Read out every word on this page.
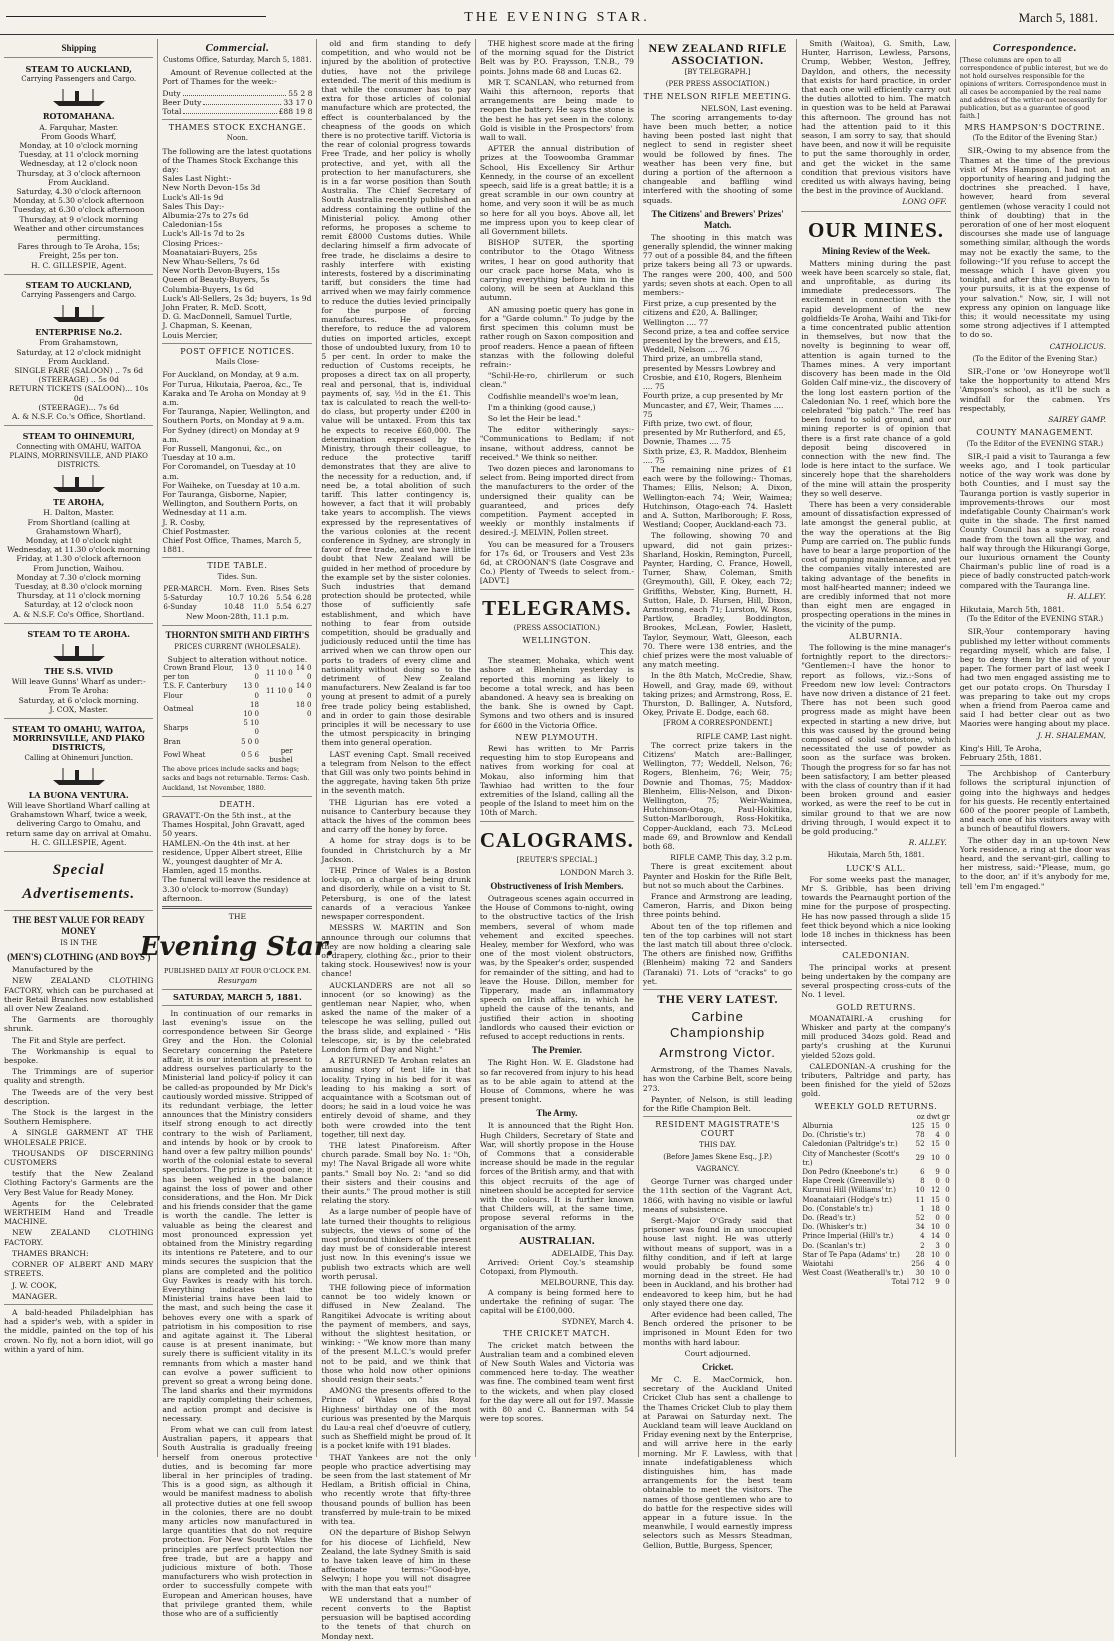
THE EVENING STAR.	March 5, 1881.
Shipping
STEAM TO AUCKLAND,
Carrying Passengers and Cargo.
ROTOMAHANA.
A. Farquhar, Master.
From Goods Wharf,
Monday, at 10 o'clock morning
Tuesday, at 11 o'clock morning
Wednesday, at 12 o'clock noon
Thursday, at 3 o'clock afternoon
From Auckland.
Saturday, 4.30 o'clock afternoon
Monday, at 5.30 o'clock afternoon
Tuesday, at 6.30 o'clock afternoon
Thursday, at 9 o'clock morning
Weather and other circumstances permitting.
Fares through to Te Aroha, 15s; Freight, 25s per ton.
H. C. GILLESPIE, Agent.
STEAM TO AUCKLAND,
Carrying Passengers and Cargo.
ENTERPRISE No.2.
From Grahamstown,
Saturday, at 12 o'clock midnight
From Auckland.
SINGLE FARE (SALOON) .. 7s 6d
(STEERAGE) .. 5s 0d
RETURN TICKETS (SALOON)... 10s 0d
(STEERAGE)... 7s 6d
A. & N.S.F. Co.'s Office, Shortland.
STEAM TO OHINEMURI,
Connecting with OMAHU, WAITOA PLAINS, MORRINSVILLE, AND PIAKO DISTRICTS.
TE AROHA,
H. Dalton, Master.
From Shortland (calling at Grahamstown Wharf),
Monday, at 10 o'clock night
Wednesday, at 11.30 o'clock morning
Friday, at 1.30 o'clock afternoon
From Junction, Waihou.
Monday at 7.30 o'clock morning
Tuesday, at 8.30 o'clock morning
Thursday, at 11 o'clock morning
Saturday, at 12 o'clock noon
A. & N.S.F. Co's Office, Shortland.
STEAM TO TE AROHA.
THE S.S. VIVID
Will leave Gunns' Wharf as under:-
From Te Aroha:
Saturday, at 6 o'clock morning.
J. COX, Master.
STEAM TO OMAHU, WAITOA, MORRINSVILLE, AND PIAKO DISTRICTS,
Calling at Ohinemuri Junction.
LA BUONA VENTURA.
Will leave Shortland Wharf calling at Grahamstown Wharf, twice a week, delivering Cargo to Omahu, and return same day on arrival at Omahu.
H. C. GILLESPIE, Agent.
Special Advertisements.
THE BEST VALUE FOR READY MONEY
IS IN THE
(MEN'S) CLOTHING (AND BOYS')

Manufactured by the

NEW ZEALAND CLOTHING FACTORY, which can be purchased at their Retail Branches now established all over New Zealand.

The Garments are thoroughly shrunk.

The Fit and Style are perfect.

The Workmanship is equal to bespoke.

The Trimmings are of superior quality and strength.

The Tweeds are of the very best description.

The Stock is the largest in the Southern Hemisphere.

A SINGLE GARMENT AT THE WHOLESALE PRICE.

THOUSANDS OF DISCERNING CUSTOMERS

testify that the New Zealand Clothing Factory's Garments are the Very Best Value for Ready Money.

Agents for the Celebrated WERTHEIM Hand and Treadle MACHINE.

NEW ZEALAND CLOTHING FACTORY.

THAMES BRANCH:

CORNER OF ALBERT AND MARY STREETS.

J. W. COOK,

MANAGER.

A bald-headed Philadelphian has had a spider's web, with a spider in the middle, painted on the top of his crown. No fly, not a born idiot, will go within a yard of him.

Commercial.
Customs Office, Saturday, March 5, 1881.

Amount of Revenue collected at the Port of Thames for the week:-

Duty	55 2 8
Beer Duty	33 17 0
Total	£88 19 8
THAMES STOCK EXCHANGE.
Noon.
The following are the latest quotations of the Thames Stock Exchange this day:
Sales Last Night:-
New North Devon-15s 3d
Luck's All-1s 9d
Sales This Day:-
Albumia-27s to 27s 6d
Caledonian-15s
Luck's All-1s 7d to 2s
Closing Prices:-
Moanataiari-Buyers, 25s
New Whau-Sellers, 7s 6d
New North Devon-Buyers, 15s
Queen of Beauty-Buyers, 5s
Columbia-Buyers, 1s 6d
Luck's All-Sellers, 2s 3d; buyers, 1s 9d
John Frater, R. McD. Scott,
D. G. MacDonnell, Samuel Turtle,
J. Chapman, S. Keenan,
Louis Mercier,
POST OFFICE NOTICES.
Mails Close-
For Auckland, on Monday, at 9 a.m.
For Turua, Hikutaia, Paeroa, &c., Te Karaka and Te Aroha on Monday at 9 a.m.
For Tauranga, Napier, Wellington, and Southern Ports, on Monday at 9 a.m.
For Sydney (direct) on Monday at 9 a.m.
For Russell, Mangonui, &c., on Tuesday at 10 a.m.
For Coromandel, on Tuesday at 10 a.m.
For Waiheke, on Tuesday at 10 a.m.
For Tauranga, Gisborne, Napier, Wellington, and Southern Ports, on Wednesday at 11 a.m.
J. R. Cosby,
Chief Postmaster.
Chief Post Office, Thames, March 5, 1881.
TIDE TABLE.
Tides. Sun.
PER-MARCH.	Morn.	Even.	Rises	Sets
5-Saturday	10.7	10.26	5.54	6.28
6-Sunday	10.48	11.0	5.54	6.27
New Moon-28th, 11.1 p.m.
THORNTON SMITH AND FIRTH'S
PRICES CURRENT (WHOLESALE).
Subject to alteration without notice.
Crown Brand Flour, per ton	13 0 0	11 10 0	14 0 0
T.S. F. Canterbury Flour	13 0 0	11 10 0	14 0 0
Oatmeal	18 10 0		18 0 0
Sharps	5 10 0		
Bran	5 0 0		
Fowl Wheat	0 5 6	per bushel	
The above prices include sacks and bags; sacks and bags not returnable. Terms: Cash. Auckland, 1st November, 1880.
DEATH.
GRAVATT.-On the 5th inst., at the Thames Hospital, John Gravatt, aged 50 years.
HAMLEN.-On the 4th inst. at her residence, Upper Albert street, Ellie W., youngest daughter of Mr A. Hamlen, aged 15 months.
The funeral will leave the residence at 3.30 o'clock to-morrow (Sunday) afternoon.
THE
Evening Star.
PUBLISHED DAILY AT FOUR O'CLOCK P.M.
Resurgam
SATURDAY, MARCH 5, 1881.

In continuation of our remarks in last evening's issue on the correspondence between Sir George Grey and the Hon. the Colonial Secretary concerning the Patetere affair, it is our intention at present to address ourselves particularly to the Ministerial land policy-if policy it can be called-as propounded by Mr Dick's cautiously worded missive. Stripped of its redundant verbiage, the letter announces that the Ministry considers itself strong enough to act directly contrary to the wish of Parliament, and intends by hook or by crook to hand over a few paltry million pounds' worth of the colonial estate to several speculators. The prize is a good one; it has been weighed in the balance against the loss of power and other considerations, and the Hon. Mr Dick and his friends consider that the game is worth the candle. The letter is valuable as being the clearest and most pronounced expression yet obtained from the Ministry regarding its intentions re Patetere, and to our minds secures the suspicion that the plans are completed and the politico Guy Fawkes is ready with his torch. Everything indicates that the Ministerial trains have been laid to the mast, and such being the case it behoves every one with a spark of patriotism in his composition to rise and agitate against it. The Liberal cause is at present inanimate, but surely there is sufficient vitality in its remnants from which a master hand can evolve a power sufficient to prevent so great a wrong being done. The land sharks and their myrmidons are rapidly completing their schemes, and action prompt and decisive is necessary.

From what we can cull from latest Australian papers, it appears that South Australia is gradually freeing herself from onerous protective duties, and is becoming far more liberal in her principles of trading. This is a good sign, as although it would be manifest madness to abolish all protective duties at one fell swoop in the colonies, there are no doubt many articles now manufactured in large quantities that do not require protection. For New South Wales the principles are perfect protection nor free trade, but are a happy and judicious mixture of both. Those manufacturers who wish protection in order to successfully compete with European and American houses, have that privilege granted them, while those who are of a sufficiently

old and firm standing to defy competition, and who would not be injured by the abolition of protective duties, have not the privilege extended. The merit of this medium is that while the consumer has to pay extra for those articles of colonial manufacture which are protected, the effect is counterbalanced by the cheapness of the goods on which there is no protective tariff. Victoria is the rear of colonial progress towards Free Trade, and her policy is wholly protective, and yet, with all the protection to her manufacturers, she is in a far worse position than South Australia. The Chief Secretary of South Australia recently published an address containing the outline of the Ministerial policy. Among other reforms, he proposes a scheme to remit £8000 Customs duties. While declaring himself a firm advocate of free trade, he disclaims a desire to rashly interfere with existing interests, fostered by a discriminating tariff, but considers the time had arrived when we may fairly commence to reduce the duties levied principally for the purpose of forcing manufactures. He proposes, therefore, to reduce the ad valorem duties on imported articles, except those of undoubted luxury, from 10 to 5 per cent. In order to make the reduction of Customs receipts, he proposes a direct tax on all property, real and personal, that is, individual payments of, say, ½d in the £1. This tax is calculated to reach the well-to-do class, but property under £200 in value will be untaxed. From this tax he expects to receive £60,000. The determination expressed by the Ministry, through their colleague, to reduce the protective tariff demonstrates that they are alive to the necessity for a reduction, and, if need be, a total abolition of such tariff. This latter contingency is, however, a fact that it will probably take years to accomplish. The views expressed by the representatives of the various colonies at the recent conference in Sydney, are strongly in favor of free trade, and we have little doubt that New Zealand will be guided in her method of procedure by the example set by the sister colonies. Such industries that demand protection should be protected, while those of sufficiently safe establishment, and which have nothing to fear from outside competition, should be gradually and judiciously reduced until the time has arrived when we can throw open our ports to traders of every clime and nationality without doing so to the detriment of New Zealand manufacturers. New Zealand is far too young at present to admit of a purely free trade policy being established, and in order to gain those desirable principles it will be necessary to use the utmost perspicacity in bringing them into general operation.

LAST evening Capt. Small received a telegram from Nelson to the effect that Gill was only two points behind in the aggregate, having taken 5th prize in the seventh match.

THE Ligurian has ere voted a nuisance to Canterbury because they attack the hives of the common bees and carry off the honey by force.

A home for stray dogs is to be founded in Christchurch by a Mr Jackson.

THE Prince of Wales is a Boston lock-up, on a charge of being drunk and disorderly, while on a visit to St. Petersburg, is one of the latest canards of a veracious Yankee newspaper correspondent.

MESSRS W. MARTIN and Son announce through our columns that they are now holding a clearing sale of drapery, clothing &c., prior to their taking stock. Housewives! now is your chance!

AUCKLANDERS are not all so innocent (or so knowing) as the gentleman near Napier, who, when asked the name of the maker of a telescope he was selling, pulled out the brass slide, and explained - "His telescope, sir, is by the celebrated London firm of Day and Night."

A RETURNED Te Arohan relates an amusing story of tent life in that locality. Trying in his bed for it was leading to his making a sort of acquaintance with a Scotsman out of doors; he said in a loud voice he was entirely devoid of shame, and they both were crowded into the tent together, till next day.

THE latest Pinaforeism. After church parade. Small boy No. 1: "Oh, my! The Naval Brigade all wore white pants." Small boy No. 2: "and so did their sisters and their cousins and their aunts." The proud mother is still relating the story.

As a large number of people have of late turned their thoughts to religious subjects, the views of some of the most profound thinkers of the present day must be of considerable interest just now. In this evening's issue we publish two extracts which are well worth perusal.

THE following piece of information cannot be too widely known or diffused in New Zealand. The Rangitikei Advocate is writing about the payment of members, and says, without the slightest hesitation, or winking: - "We know more than many of the present M.L.C.'s would prefer not to be paid, and we think that those who hold now other opinions should resign their seats."

AMONG the presents offered to the Prince of Wales on his Royal Highness' birthday one of the most curious was presented by the Marquis du Lau-a real chef d'oeuvre of cutlery, such as Sheffield might be proud of. It is a pocket knife with 191 blades.

THAT Yankees are not the only people who practice advertising may be seen from the last statement of Mr Hedlam, a British official in China, who recently wrote that fifty-three thousand pounds of bullion has been transferred by mule-train to be mixed with tea.

ON the departure of Bishop Selwyn for his diocese of Lichfield, New Zealand, the late Sydney Smith is said to have taken leave of him in these affectionate terms:-"Good-bye, Selwyn; I hope you will not disagree with the man that eats you!"

WE understand that a number of recent converts to the Baptist persuasion will be baptised according to the tenets of that church on Monday next.

THE highest score made at the firing of the morning squad for the District Belt was by P.O. Fraysson, T.N.B., 79 points. Johns made 68 and Lucas 62.

MR T. SCANLAN, who returned from Waihi this afternoon, reports that arrangements are being made to reopen the battery. He says the stone is the best he has yet seen in the colony. Gold is visible in the Prospectors' from wall to wall.

AFTER the annual distribution of prizes at the Toowoomba Grammar School, His Excellency Sir Arthur Kennedy, in the course of an excellent speech, said life is a great battle; it is a great scramble in our own country at home, and very soon it will be as much so here for all you boys. Above all, let me impress upon you to keep clear of all Government billets.

BISHOP SUTER, the sporting contributor to the Otago Witness writes, I hear on good authority that our crack pace horse Mata, who is carrying everything before him in the colony, will be seen at Auckland this autumn.

AN amusing poetic query has gone in for a "Garde column." To judge by the first specimen this column must be rather rough on Saxon composition and proof readers. Hence a paean of fifteen stanzas with the following doleful refrain:-

"Schil-He-ro, chirllerum or such clean."

Codfishlie meandell's woe'm lean,

I'm a thinking (good cause,)

So let the Heir be lead."

The editor witheringly says:-"Communications to Bedlam; if not insane, without address, cannot be received." We think so neither.

Two dozen pieces and laronomans to select from. Being imported direct from the manufacturers to the order of the undersigned their quality can be guaranteed, and prices defy competition. Payment accepted in weekly or monthly instalments if desired.-J. MELVIN, Pollen street.

You can be measured for a Trousers for 17s 6d, or Trousers and Vest 23s 6d, at CROONAN'S (late Cosgrave and Co.) Plenty of Tweeds to select from.-[ADVT.]

TELEGRAMS.
(PRESS ASSOCIATION.)
WELLINGTON.
This day.

The steamer, Mohaka, which went ashore at Blenheim yesterday is reported this morning as likely to become a total wreck, and has been abandoned. A heavy sea is breaking on the bank. She is owned by Capt. Symons and two others and is insured for £600 in the Victoria Office.

NEW PLYMOUTH.

Rewi has written to Mr Parris requesting him to stop Europeans and natives from working for coal at Mokau, also informing him that Tawhiao had written to the four extremities of the Island, calling all the people of the Island to meet him on the 10th of March.

CALOGRAMS.
[REUTER'S SPECIAL.]
LONDON March 3.
Obstructiveness of Irish Members.

Outrageous scenes again occurred in the House of Commons to-night, owing to the obstructive tactics of the Irish members, several of whom made vehement and excited speeches. Healey, member for Wexford, who was one of the most violent obstructors, was, by the Speaker's order, suspended for remainder of the sitting, and had to leave the House. Dillon, member for Tipperary, made an inflammatory speech on Irish affairs, in which he upheld the cause of the tenants, and justified their action in shooting landlords who caused their eviction or refused to accept reductions in rents.

The Premier.

The Right Hon. W. E. Gladstone had so far recovered from injury to his head as to be able again to attend at the House of Commons, where he was present tonight.

The Army.

It is announced that the Right Hon. Hugh Childers, Secretary of State and War, will shortly propose in the House of Commons that a considerable increase should be made in the regular forces of the British army, and that with this object recruits of the age of nineteen should be accepted for service with the colours. It is further known that Childers will, at the same time, propose several reforms in the organisation of the army.

AUSTRALIAN.
ADELAIDE, This Day.

Arrived: Orient Coy.'s steamship Cotopaxi, from Plymouth.

MELBOURNE, This day.

A company is being formed here to undertake the refining of sugar. The capital will be £100,000.

SYDNEY, March 4.
THE CRICKET MATCH.

The cricket match between the Australian team and a combined eleven of New South Wales and Victoria was commenced here to-day. The weather was fine. The combined team went first to the wickets, and when play closed for the day were all out for 197. Massie with 80 and C. Bannerman with 54 were top scores.

NEW ZEALAND RIFLE ASSOCIATION.
[BY TELEGRAPH.]
(PER PRESS ASSOCIATION.)
THE NELSON RIFLE MEETING.
NELSON, Last evening.

The scoring arrangements to-day have been much better, a notice having been posted last night that neglect to send in register sheet would be followed by fines. The weather has been very fine, but during a portion of the afternoon a changeable and baffling wind interfered with the shooting of some squads.

The Citizens' and Brewers' Prizes' Match.

The shooting in this match was generally splendid, the winner making 77 out of a possible 84, and the fifteen prize takers being all 73 or upwards. The ranges were 200, 400, and 500 yards; seven shots at each. Open to all members:-

First prize, a cup presented by the citizens and £20, A. Ballinger, Wellington .... 77
Second prize, a tea and coffee service presented by the brewers, and £15, Weddell, Nelson .... 76
Third prize, an umbrella stand, presented by Messrs Lowbrey and Crosbie, and £10, Rogers, Blenheim .... 75
Fourth prize, a cup presented by Mr Muncaster, and £7, Weir, Thames .... 75
Fifth prize, two cwt. of flour, presented by Mr Rutherford, and £5, Downie, Thames .... 75
Sixth prize, £3, R. Maddox, Blenheim .... 75

The remaining nine prizes of £1 each were by the following:- Thomas, Thames; Ellis, Nelson; A. Dixon, Wellington-each 74; Weir, Waimea; Hutchinson, Otago-each 74. Haslett and A. Sutton, Marlborough; F. Ross, Westland; Cooper, Auckland-each 73.

The following, showing 70 and upward, did not gain prizes:- Sharland, Hoskin, Remington, Purcell, Paynter, Harding, C. France, Howell, Turner, Shaw, Coleman, Smith (Greymouth), Gill, F. Okey, each 72; Griffiths, Webster, King, Burnett, H. Sutton, Hale, D. Hursen, Hill, Dixon, Armstrong, each 71; Lurston, W. Ross, Partlow, Bradley, Boddington, Brookes, McLean, Fowler, Haslett, Taylor, Seymour, Watt, Gleeson, each 70. There were 138 entries, and the chief prizes were the most valuable of any match meeting.

In the 8th Match, McCredie, Shaw, Howell, and Gray, made 69, without taking prizes; and Armstrong, Ross, E. Thurston, D. Ballinger, A. Nutsford, Okey, Private E. Dodge, each 68.

[FROM A CORRESPONDENT.]
RIFLE CAMP, Last night.

The correct prize takers in the Citizens' Match are:-Ballinger, Wellington, 77; Weddell, Nelson, 76; Rogers, Blenheim, 76; Weir, 75; Downie and Thomas, 75; Maddox-Blenheim, Ellis-Nelson, and Dixon-Wellington, 75; Weir-Waimea, Hutchinson-Otago, Paul-Hokitika, Sutton-Marlborough, Ross-Hokitika, Copper-Auckland, each 73. McLeod made 69, and Brownlow and Kendall both 68.

RIFLE CAMP, This day, 3.2 p.m.

There is great excitement about Paynter and Hoskin for the Rifle Belt, but not so much about the Carbines.

France and Armstrong are leading, Cameron, Harris, and Dixon being three points behind.

About ten of the top riflemen and ten of the top carbines will not start the last match till about three o'clock. The others are finished now, Griffiths (Blenheim) making 72 and Sanders (Taranaki) 71. Lots of "cracks" to go yet.

THE VERY LATEST.
Carbine Championship
Armstrong Victor.

Armstrong, of the Thames Navals, has won the Carbine Belt, score being 273.

Paynter, of Nelson, is still leading for the Rifle Champion Belt.

RESIDENT MAGISTRATE'S COURT
THIS DAY.
(Before James Skene Esq., J.P.)
VAGRANCY.

George Turner was charged under the 11th section of the Vagrant Act, 1866, with having no visible or lawful means of subsistence.

Sergt.-Major O'Grady said that prisoner was found in an unoccupied house last night. He was utterly without means of support, was in a filthy condition, and if left at large would probably be found some morning dead in the street. He had been in Auckland, and his brother had endeavored to keep him, but he had only stayed there one day.

After evidence had been called, The Bench ordered the prisoner to be imprisoned in Mount Eden for two months with hard labour.

Court adjourned.
Cricket.

Mr C. E. MacCormick, hon. secretary of the Auckland United Cricket Club has sent a challenge to the Thames Cricket Club to play them at Parawai on Saturday next. The Auckland team will leave Auckland on Friday evening next by the Enterprise, and will arrive here in the early morning. Mr F. Lawless, with that innate indefatigableness which distinguishes him, has made arrangements for the best team obtainable to meet the visitors. The names of those gentlemen who are to do battle for the respective sides will appear in a future issue. In the meanwhile, I would earnestly impress selectors such as Messrs Steadman, Gellion, Buttle, Burgess, Spencer,

Smith (Waitoa), G. Smith, Law, Hunter, Harrison, Lewless, Parsons, Crump, Webber, Weston, Jeffrey, Dayldon, and others, the necessity that exists for hard practice, in order that each one will efficiently carry out the duties allotted to him. The match in question was to be held at Parawai this afternoon. The ground has not had the attention paid to it this season, I am sorry to say, that should have been, and now it will be requisite to put the same thoroughly in order, and get the wicket in the same condition that previous visitors have credited us with always having, being the best in the province of Auckland.

LONG OFF.
OUR MINES.
Mining Review of the Week.

Matters mining during the past week have been scarcely so stale, flat, and unprofitable, as during its immediate predecessors. The excitement in connection with the rapid development of the new goldfields-Te Aroha, Waihi and Tiki-for a time concentrated public attention in themselves, but now that the novelty is beginning to wear off, attention is again turned to the Thames mines. A very important discovery has been made in the Old Golden Calf mine-viz., the discovery of the long lost eastern portion of the Caledonian No. 1 reef, which bore the celebrated "big patch." The reef has been found to solid ground, and our mining reporter is of opinion that there is a first rate chance of a gold deposit being discovered in connection with the new find. The lode is here intact to the surface. We sincerely hope that the shareholders of the mine will attain the prosperity they so well deserve.

There has been a very considerable amount of dissatisfaction expressed of late amongst the general public, at the way the operations at the Big Pump are carried on. The public funds have to bear a large proportion of the cost of pumping maintenance, and yet the companies vitally interested are taking advantage of the benefits in most half-hearted manner; indeed we are credibly informed that not more than eight men are engaged in prospecting operations in the mines in the vicinity of the pump.

ALBURNIA.

The following is the mine manager's fortnightly report to the directors:- "Gentlemen:-I have the honor to report as follows, viz.:-Sons of Freedom new low level: Contractors have now driven a distance of 21 feet. There has not been such good progress made as might have been expected in starting a new drive, but this was caused by the ground being composed of solid sandstone, which necessitated the use of powder as soon as the surface was broken. Though the progress for so far has not been satisfactory, I am better pleased with the class of country than if it had been broken ground and easier worked, as were the reef to be cut in similar ground to that we are now driving through, I would expect it to be gold producing."

R. ALLEY.
Hikutaia, March 5th, 1881.
LUCK'S ALL.

For some weeks past the manager, Mr S. Gribble, has been driving towards the Pearnaught portion of the mine for the purpose of prospecting. He has now passed through a slide 15 feet thick beyond which a nice looking lode 18 inches in thickness has been intersected.

CALEDONIAN.

The principal works at present being undertaken by the company are several prospecting cross-cuts of the No. 1 level.

GOLD RETURNS.

MOANATAIRI.-A crushing for Whisker and party at the company's mill produced 34ozs gold. Read and party's crushing at the Kurunui yielded 52ozs gold.

CALEDONIAN.-A crushing for the tributers, Paltridge and party, has been finished for the yield of 52ozs gold.

WEEKLY GOLD RETURNS.
	oz	dwt	gr
Alburnia	125	15	0
Do. (Christie's tr.)	78	4	0
Caledonian (Paltridge's tr.)	52	15	0
City of Manchester (Scott's tr.)	29	10	0
Don Pedro (Kneebone's tr.)	6	9	0
Hape Creek (Greenville's)	8	0	0
Kurunui Hill (Williams' tr.)	10	12	0
Moanataiari (Hodge's tr.)	11	15	0
Do. (Constable's tr.)	1	18	0
Do. (Read's tr.)	52	0	0
Do. (Whisker's tr.)	34	10	0
Prince Imperial (Hill's tr.)	4	14	0
Do. (Scanlan's tr.)	2	3	0
Star of Te Papa (Adams' tr.)	28	10	0
Waiotahi	256	4	0
West Coast (Weatherall's tr.)	30	10	0
Total	712	9	0
Correspondence.
[These columns are open to all correspondence of public interest, but we do not hold ourselves responsible for the opinions of writers. Correspondence must in all cases be accompanied by the real name and address of the writer-not necessarily for publication, but as a guarantee of good faith.]
MRS HAMPSON'S DOCTRINE.
(To the Editor of the Evening Star.)

SIR,-Owing to my absence from the Thames at the time of the previous visit of Mrs Hampson, I had not an opportunity of hearing and judging the doctrines she preached. I have, however, heard from several gentlemen (whose veracity I could not think of doubting) that in the peroration of one of her most eloquent discourses she made use of language something similar, although the words may not be exactly the same, to the following:-"If you refuse to accept the message which I have given you tonight, and after this you go down to your pursuits, it is at the expense of your salvation." Now, sir, I will not express any opinion on language like this; it would necessitate my using some strong adjectives if I attempted to do so.

CATHOLICUS.
(To the Editor of the Evening Star.)

SIR,-I'one or 'ow Honeyrope wot'll take the hopportunity to attend Mrs 'Ampson's school, as it'll be such a windfall for the cabmen. Yrs respectably,

SAIREY GAMP.
COUNTY MANAGEMENT.
(To the Editor of the EVENING STAR.)

SIR,-I paid a visit to Tauranga a few weeks ago, and I took particular notice of the way work was done by both Counties, and I must say the Tauranga portion is vastly superior in improvements-throws our most indefatigable County Chairman's work quite in the shade. The first named County Council has a superior road made from the town all the way, and half way through the Hikurangi Gorge, our luxurious ornament the County Chairman's public line of road is a piece of badly constructed patch-work compared with the Tauranga line.

H. ALLEY.
Hikutaia, March 5th, 1881.
(To the Editor of the EVENING STAR.)

SIR,-Your contemporary having published my letter without comments regarding myself, which are false, I beg to deny them by the aid of your paper. The former part of last week I had two men engaged assisting me to get our potato crops. On Thursday I was preparing to take out my crops when a friend from Paeroa came and said I had better clear out as two Maories were hanging about my place.

J. H. SHALEMAN,
King's Hill, Te Aroha,
February 25th, 1881.

The Archbishop of Canterbury follows the scriptural injunction of going into the highways and hedges for his guests. He recently entertained 600 of the poorer people of Lambeth, and each one of his visitors away with a bunch of beautiful flowers.

The other day in an up-town New York residence, a ring at the door was heard, and the servant-girl, calling to her mistress, said:-"Please, mum, go to the door, an' if it's anybody for me, tell 'em I'm engaged."
